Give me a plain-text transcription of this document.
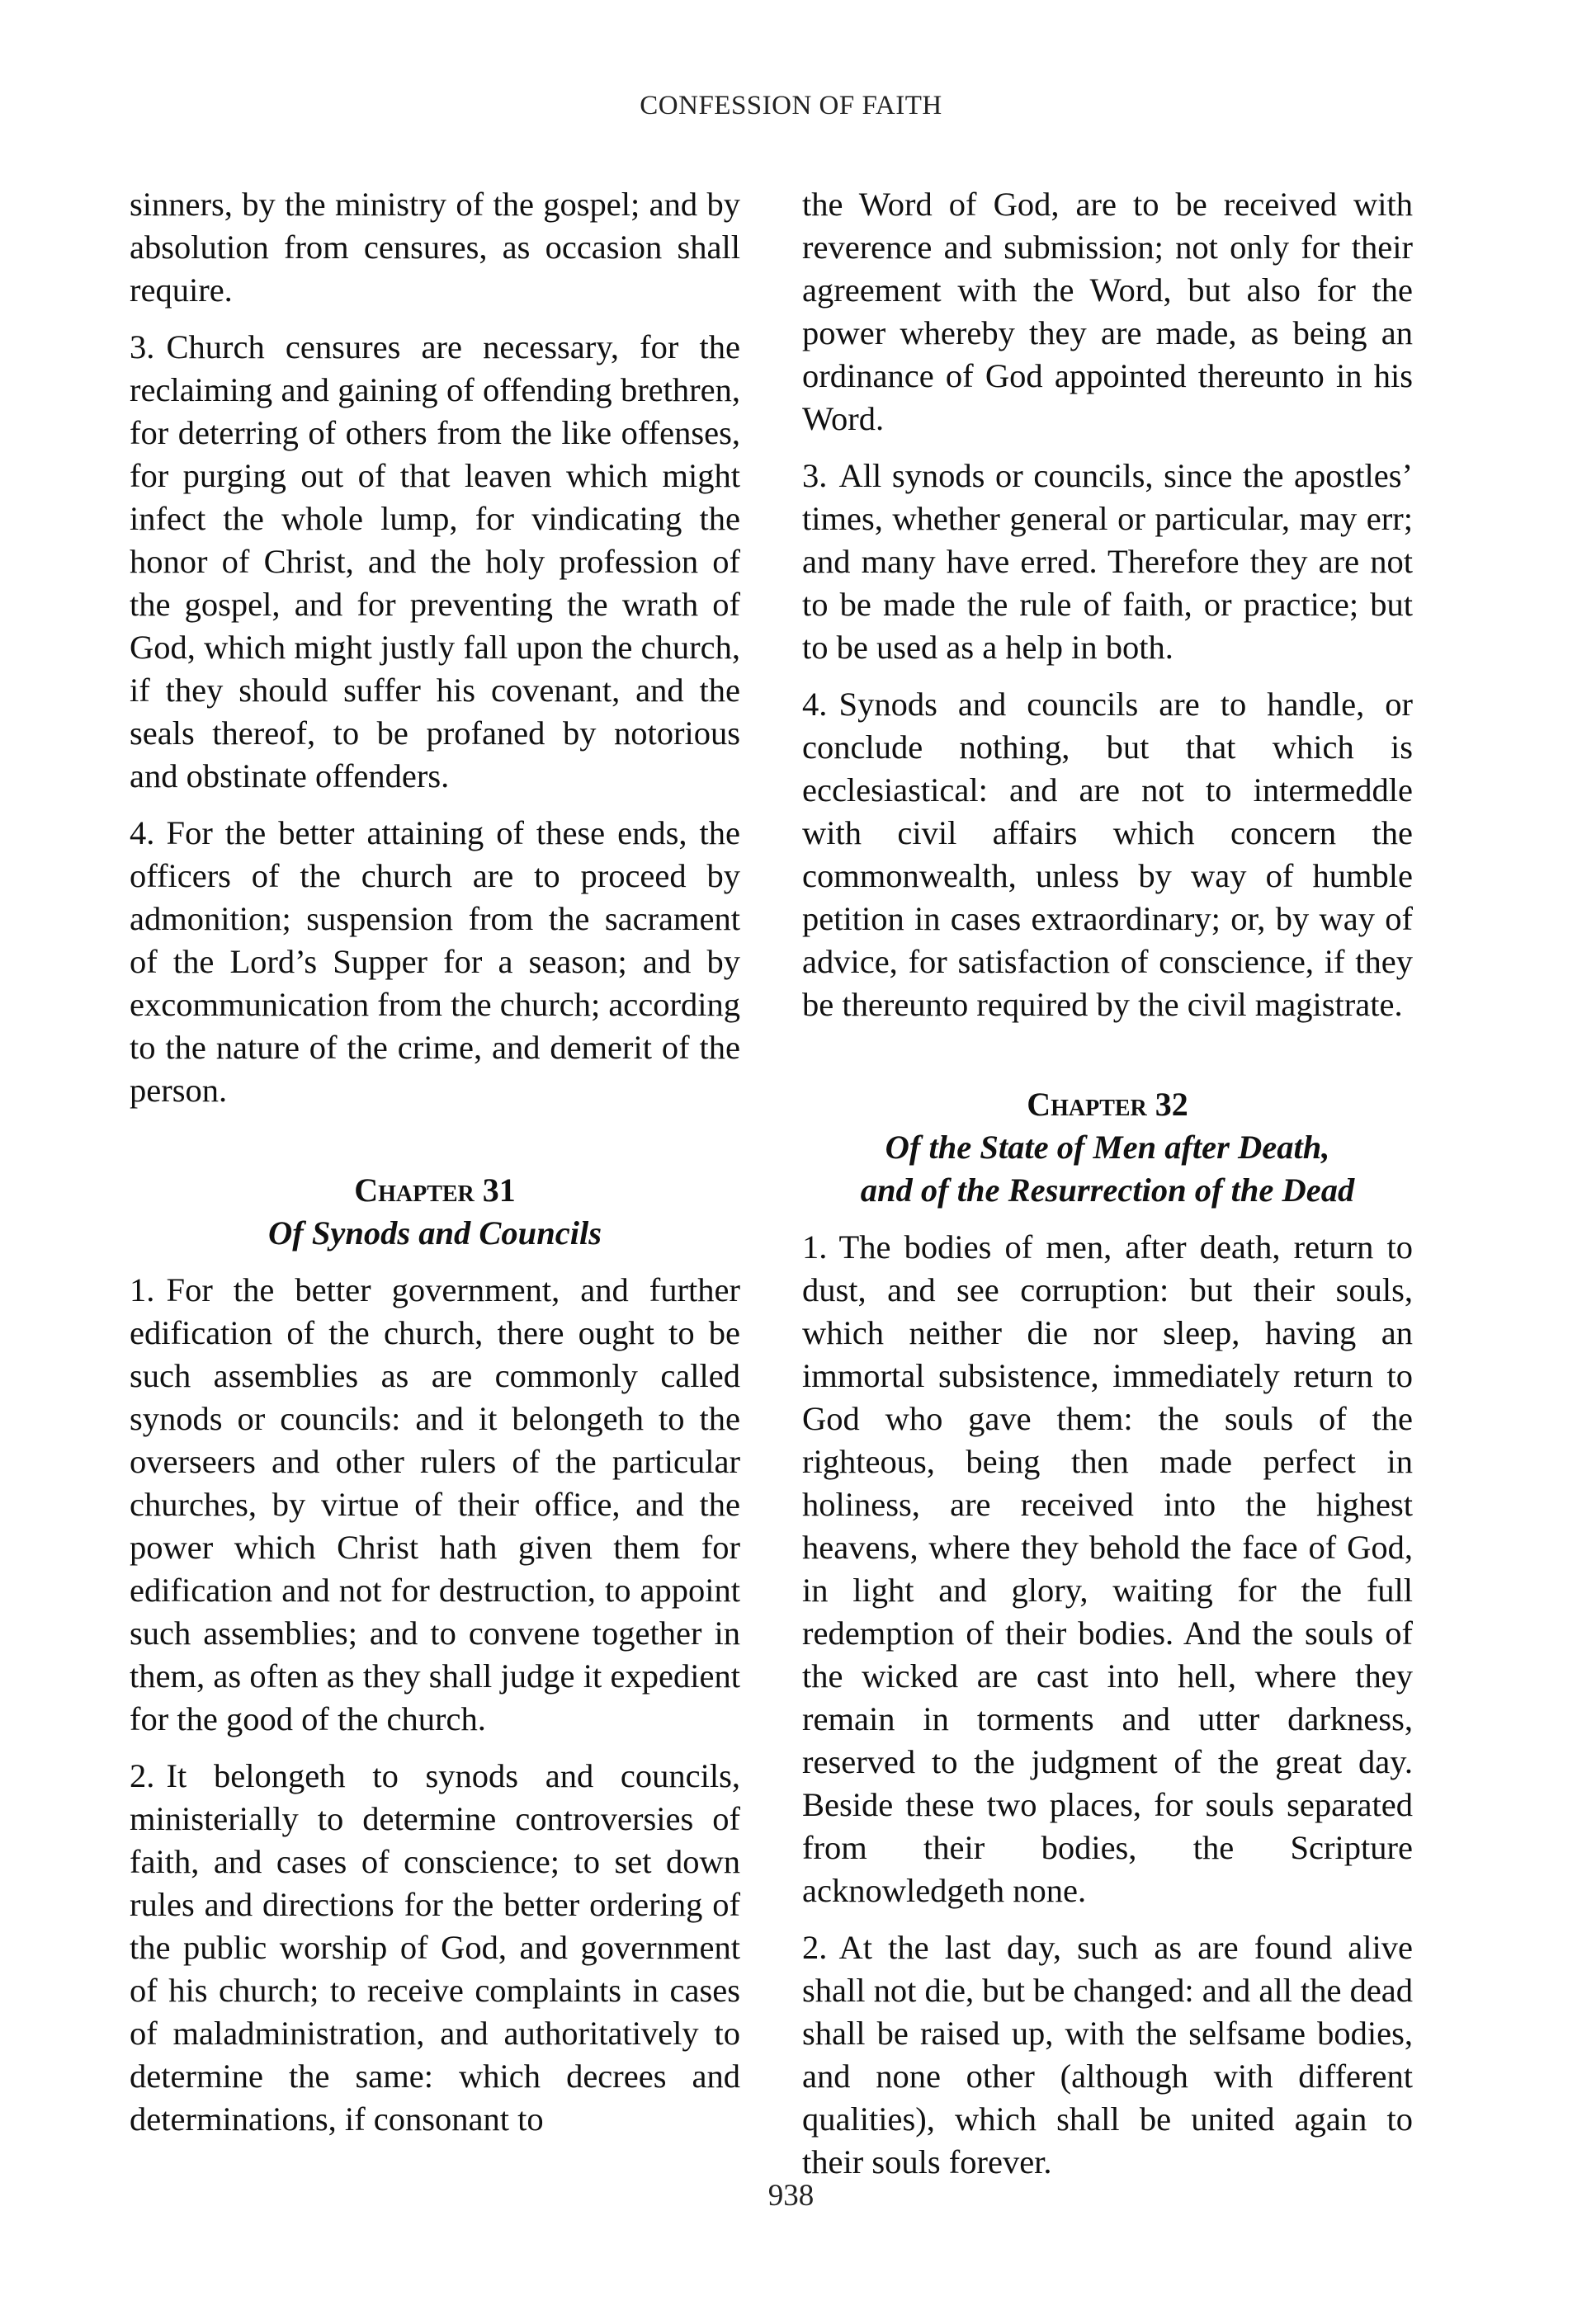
CONFESSION OF FAITH

sinners, by the ministry of the gospel; and by absolution from censures, as occasion shall require.

3. Church censures are necessary, for the reclaiming and gaining of offending brethren, for deterring of others from the like offenses, for purging out of that leaven which might infect the whole lump, for vindicating the honor of Christ, and the holy profession of the gospel, and for preventing the wrath of God, which might justly fall upon the church, if they should suffer his covenant, and the seals thereof, to be profaned by notorious and obstinate offenders.

4. For the better attaining of these ends, the officers of the church are to proceed by admonition; suspension from the sacrament of the Lord’s Supper for a season; and by excommunication from the church; according to the nature of the crime, and demerit of the person.

Chapter 31
Of Synods and Councils

1. For the better government, and further edification of the church, there ought to be such assemblies as are commonly called synods or councils: and it belongeth to the overseers and other rulers of the particular churches, by virtue of their office, and the power which Christ hath given them for edification and not for destruction, to appoint such assemblies; and to convene together in them, as often as they shall judge it expedient for the good of the church.

2. It belongeth to synods and councils, ministerially to determine controversies of faith, and cases of conscience; to set down rules and directions for the better ordering of the public worship of God, and government of his church; to receive complaints in cases of maladministration, and authoritatively to determine the same: which decrees and determinations, if consonant to

the Word of God, are to be received with reverence and submission; not only for their agreement with the Word, but also for the power whereby they are made, as being an ordinance of God appointed thereunto in his Word.

3. All synods or councils, since the apostles’ times, whether general or particular, may err; and many have erred. Therefore they are not to be made the rule of faith, or practice; but to be used as a help in both.

4. Synods and councils are to handle, or conclude nothing, but that which is ecclesiastical: and are not to intermeddle with civil affairs which concern the commonwealth, unless by way of humble petition in cases extraordinary; or, by way of advice, for satisfaction of conscience, if they be thereunto required by the civil magistrate.

Chapter 32
Of the State of Men after Death,
and of the Resurrection of the Dead

1. The bodies of men, after death, return to dust, and see corruption: but their souls, which neither die nor sleep, having an immortal subsistence, immediately return to God who gave them: the souls of the righteous, being then made perfect in holiness, are received into the highest heavens, where they behold the face of God, in light and glory, waiting for the full redemption of their bodies. And the souls of the wicked are cast into hell, where they remain in torments and utter darkness, reserved to the judgment of the great day. Beside these two places, for souls separated from their bodies, the Scripture acknowledgeth none.

2. At the last day, such as are found alive shall not die, but be changed: and all the dead shall be raised up, with the selfsame bodies, and none other (although with different qualities), which shall be united again to their souls forever.

938
